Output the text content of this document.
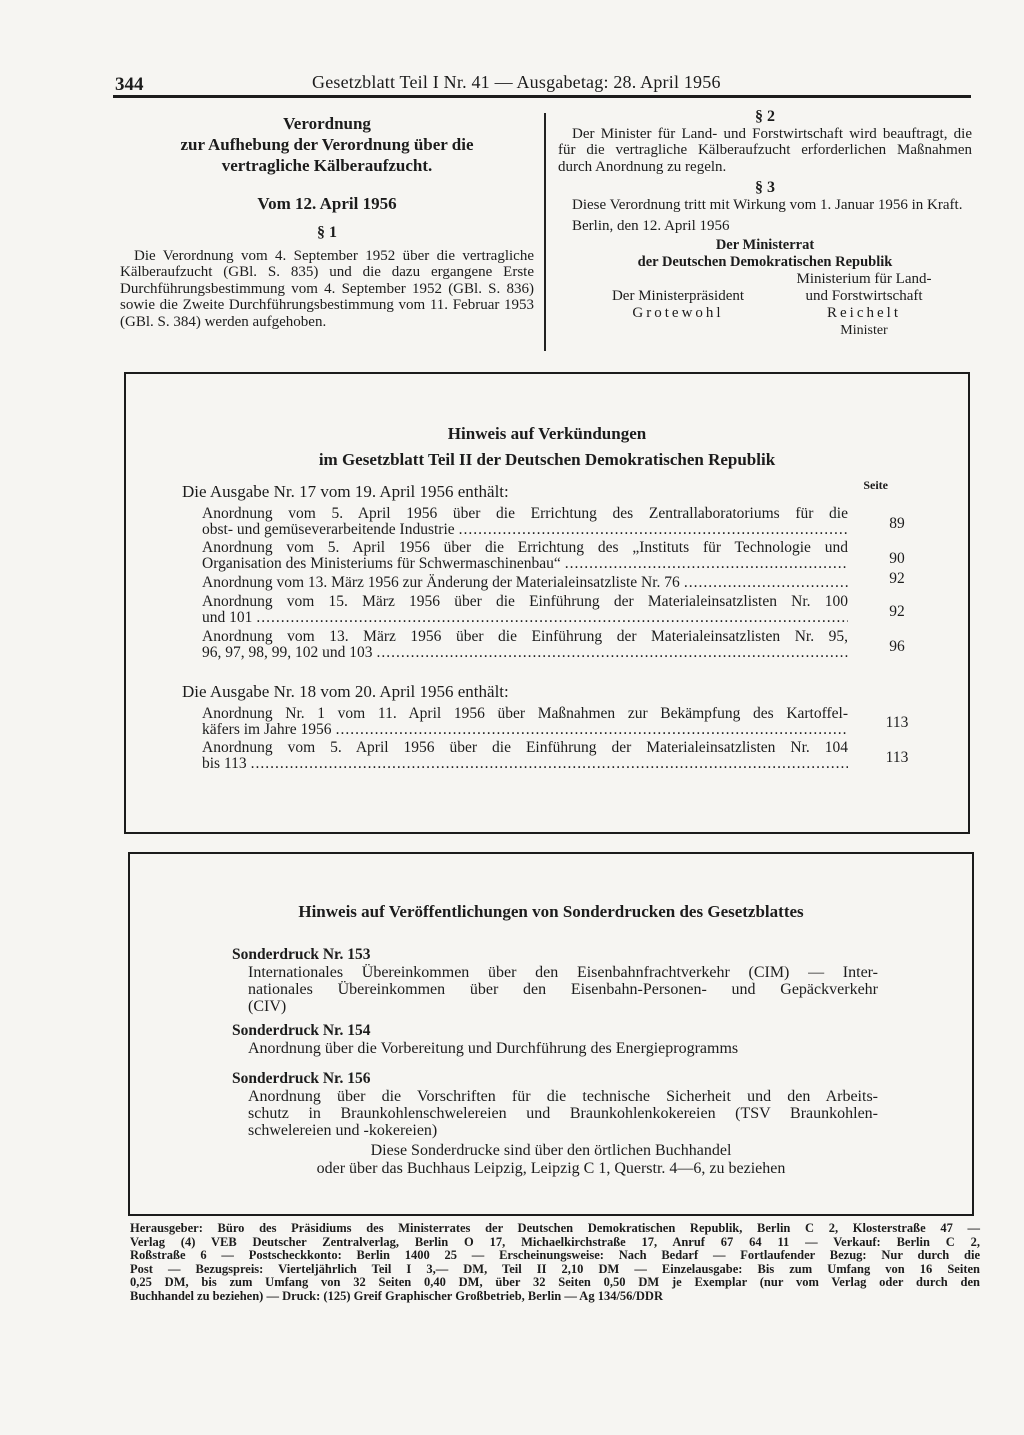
344	Gesetzblatt Teil I Nr. 41 — Ausgabetag: 28. April 1956
Verordnung
zur Aufhebung der Verordnung über die
vertragliche Kälberaufzucht.
Vom 12. April 1956
§ 1
Die Verordnung vom 4. September 1952 über die vertragliche Kälberaufzucht (GBl. S. 835) und die dazu ergangene Erste Durchführungsbestimmung vom 4. September 1952 (GBl. S. 836) sowie die Zweite Durchführungsbestimmung vom 11. Februar 1953 (GBl. S. 384) werden aufgehoben.
§ 2
Der Minister für Land- und Forstwirtschaft wird beauftragt, die für die vertragliche Kälberaufzucht erforderlichen Maßnahmen durch Anordnung zu regeln.
§ 3
Diese Verordnung tritt mit Wirkung vom 1. Januar 1956 in Kraft.
Berlin, den 12. April 1956
Der Ministerrat
der Deutschen Demokratischen Republik
Ministerium für Land-
und Forstwirtschaft
Reichelt
Minister
Der Ministerpräsident
Grotewohl
Hinweis auf Verkündungen
im Gesetzblatt Teil II der Deutschen Demokratischen Republik
Seite
Die Ausgabe Nr. 17 vom 19. April 1956 enthält:
Anordnung vom 5. April 1956 über die Errichtung des Zentrallaboratoriums für die
obst- und gemüseverarbeitende Industrie .....	89
Anordnung vom 5. April 1956 über die Errichtung des „Instituts für Technologie und
Organisation des Ministeriums für Schwermaschinenbau“ .....	90
Anordnung vom 13. März 1956 zur Änderung der Materialeinsatzliste Nr. 76 .....	92
Anordnung vom 15. März 1956 über die Einführung der Materialeinsatzlisten Nr. 100
und 101 .....	92
Anordnung vom 13. März 1956 über die Einführung der Materialeinsatzlisten Nr. 95,
96, 97, 98, 99, 102 und 103 .....	96
Die Ausgabe Nr. 18 vom 20. April 1956 enthält:
Anordnung Nr. 1 vom 11. April 1956 über Maßnahmen zur Bekämpfung des Kartoffel-
käfers im Jahre 1956 .....	113
Anordnung vom 5. April 1956 über die Einführung der Materialeinsatzlisten Nr. 104
bis 113 .....	113
Hinweis auf Veröffentlichungen von Sonderdrucken des Gesetzblattes
Sonderdruck Nr. 153
Internationales Übereinkommen über den Eisenbahnfrachtverkehr (CIM) — Inter-
nationales Übereinkommen über den Eisenbahn-Personen- und Gepäckverkehr
(CIV)
Sonderdruck Nr. 154
Anordnung über die Vorbereitung und Durchführung des Energieprogramms
Sonderdruck Nr. 156
Anordnung über die Vorschriften für die technische Sicherheit und den Arbeits-
schutz in Braunkohlenschwelereien und Braunkohlenkokereien (TSV Braunkohlen-
schwelereien und -kokereien)
Diese Sonderdrucke sind über den örtlichen Buchhandel
oder über das Buchhaus Leipzig, Leipzig C 1, Querstr. 4—6, zu beziehen
Herausgeber: Büro des Präsidiums des Ministerrates der Deutschen Demokratischen Republik, Berlin C 2, Klosterstraße 47 —
Verlag (4) VEB Deutscher Zentralverlag, Berlin O 17, Michaelkirchstraße 17, Anruf 67 64 11 — Verkauf: Berlin C 2,
Roßstraße 6 — Postscheckkonto: Berlin 1400 25 — Erscheinungsweise: Nach Bedarf — Fortlaufender Bezug: Nur durch die
Post — Bezugspreis: Vierteljährlich Teil I 3,— DM, Teil II 2,10 DM — Einzelausgabe: Bis zum Umfang von 16 Seiten
0,25 DM, bis zum Umfang von 32 Seiten 0,40 DM, über 32 Seiten 0,50 DM je Exemplar (nur vom Verlag oder durch den
Buchhandel zu beziehen) — Druck: (125) Greif Graphischer Großbetrieb, Berlin — Ag 134/56/DDR
